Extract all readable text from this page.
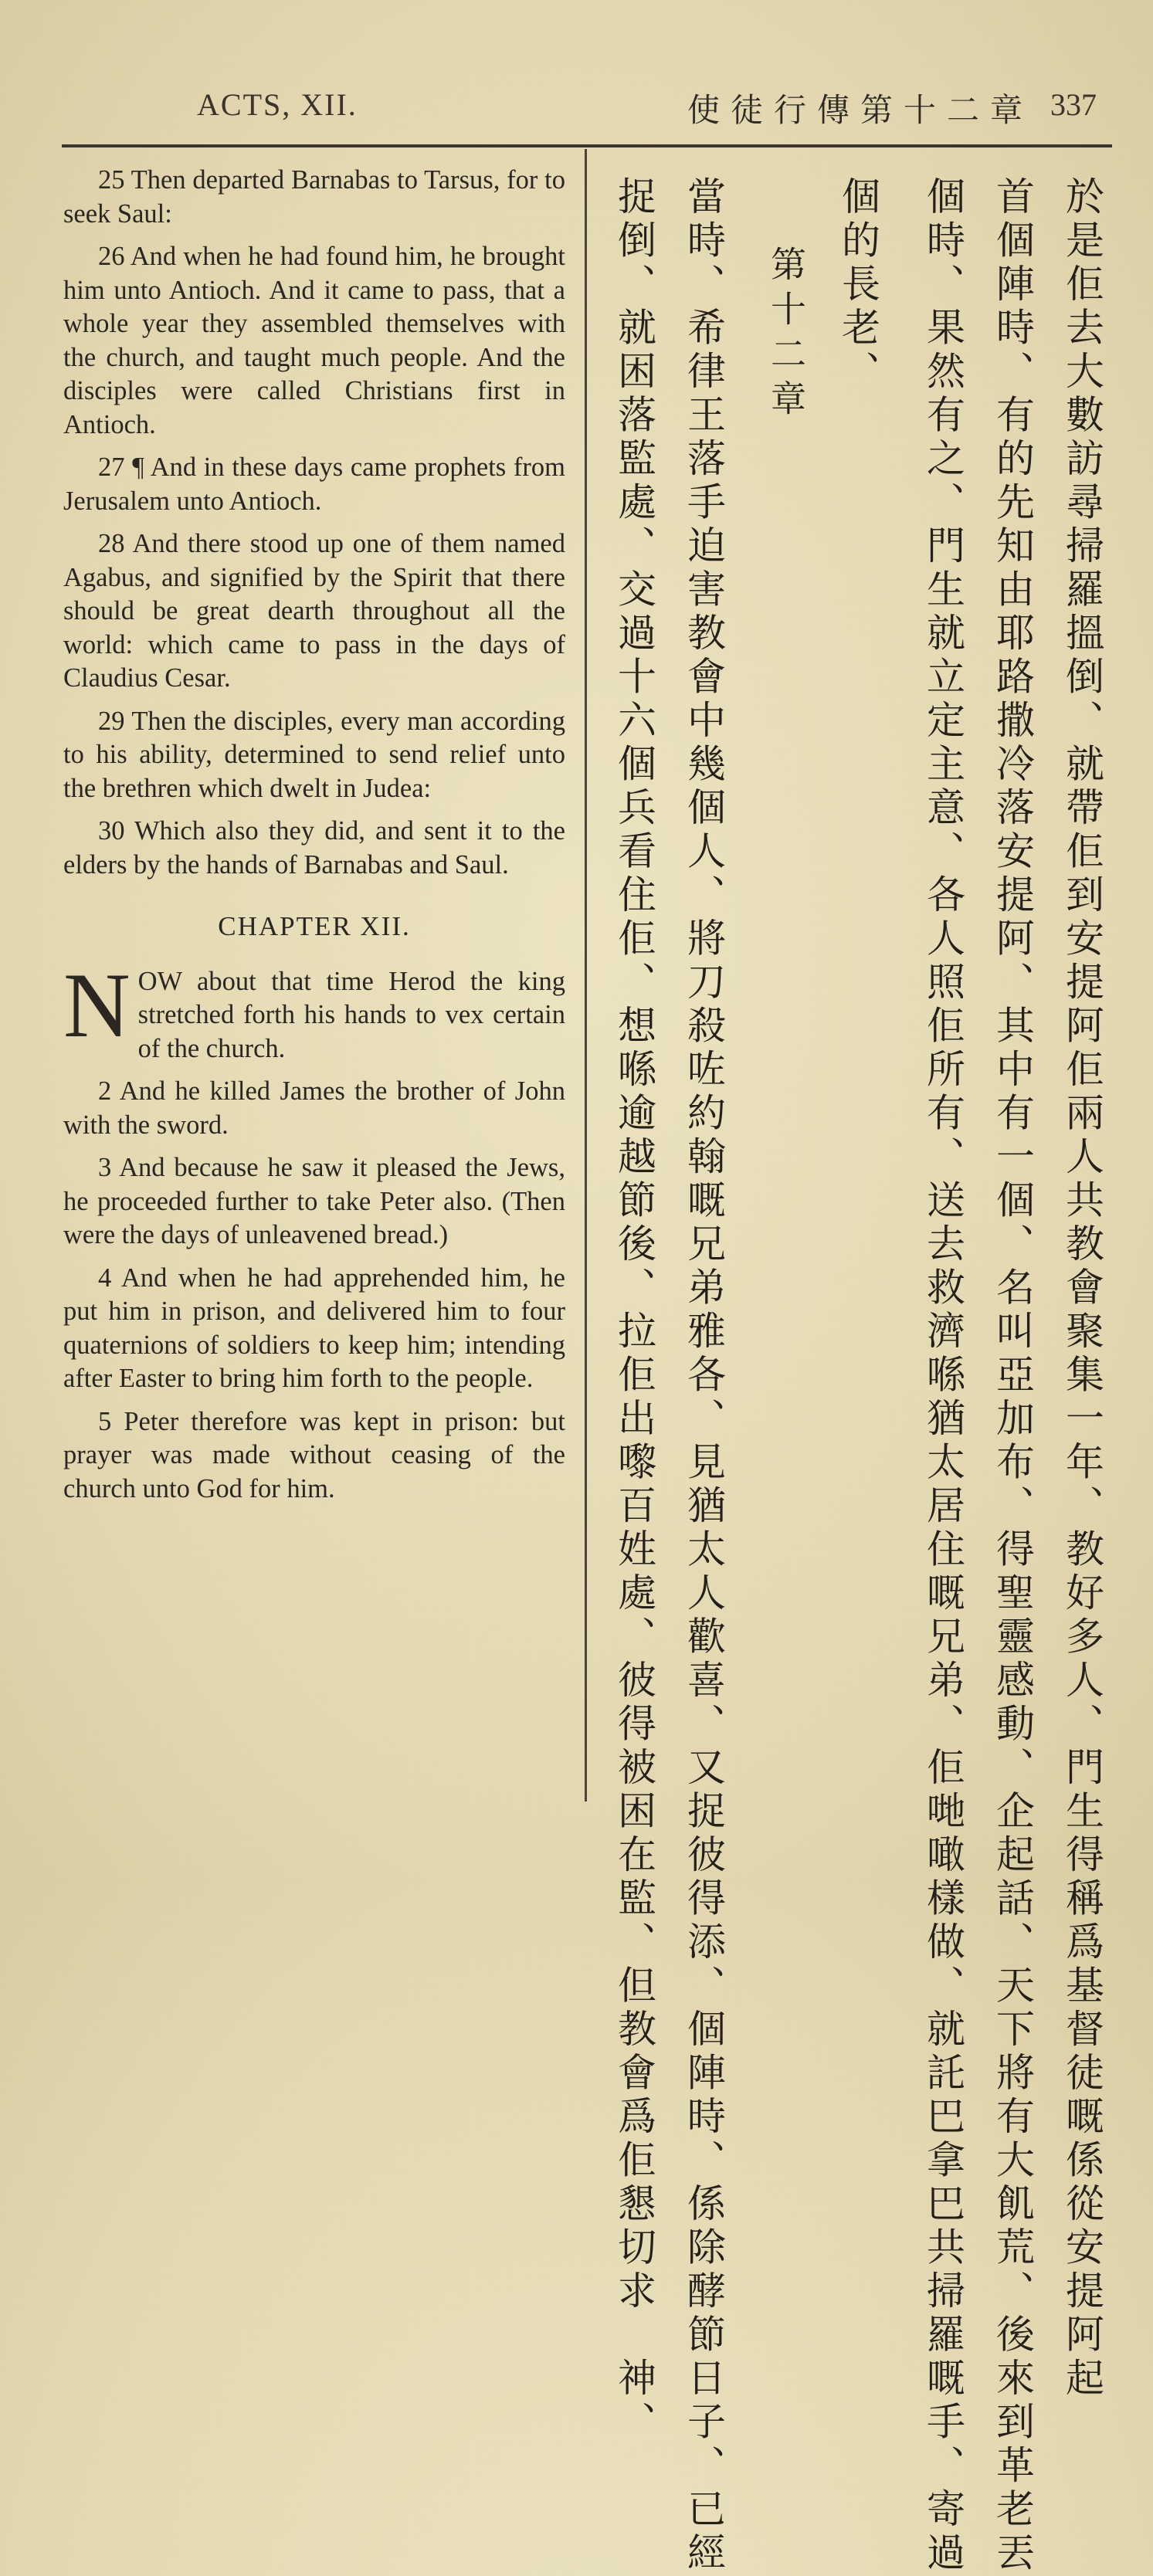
ACTS, XII.	使徒行傳第十二章 337

25 Then departed Barnabas to Tarsus, for to seek Saul:

26 And when he had found him, he brought him unto Antioch. And it came to pass, that a whole year they assembled themselves with the church, and taught much people. And the disciples were called Christians first in Antioch.

27 ¶ And in these days came prophets from Jerusalem unto Antioch.

28 And there stood up one of them named Agabus, and signified by the Spirit that there should be great dearth throughout all the world: which came to pass in the days of Claudius Cesar.

29 Then the disciples, every man according to his ability, determined to send relief unto the brethren which dwelt in Judea:

30 Which also they did, and sent it to the elders by the hands of Barnabas and Saul.

CHAPTER XII.

NOW about that time Herod the king stretched forth his hands to vex certain of the church.

2 And he killed James the brother of John with the sword.

3 And because he saw it pleased the Jews, he proceeded further to take Peter also. (Then were the days of unleavened bread.)

4 And when he had apprehended him, he put him in prison, and delivered him to four quaternions of soldiers to keep him; intending after Easter to bring him forth to the people.

5 Peter therefore was kept in prison: but prayer was made without ceasing of the church unto God for him.	於是佢去大數訪尋掃羅搵倒、就帶佢到安提阿佢兩人共教會聚集一年、教好多人、門生得稱爲基督徒嘅係從安提阿起
首個陣時、有的先知由耶路撒冷落安提阿、其中有一個、名叫亞加布、得聖靈感動、企起話、天下將有大飢荒、後來到革老丟
個時、果然有之、門生就立定主意、各人照佢所有、送去救濟喺猶太居住嘅兄弟、佢哋噉樣做、就託巴拿巴共掃羅嘅手、寄過
個的長老、
第十二章
當時、希律王落手迫害教會中幾個人、將刀殺咗約翰嘅兄弟雅各、見猶太人歡喜、又捉彼得添、個陣時、係除酵節日子、已經
捉倒、就困落監處、交過十六個兵看住佢、想喺逾越節後、拉佢出嚟百姓處、彼得被困在監、但教會爲佢懇切求　神、
